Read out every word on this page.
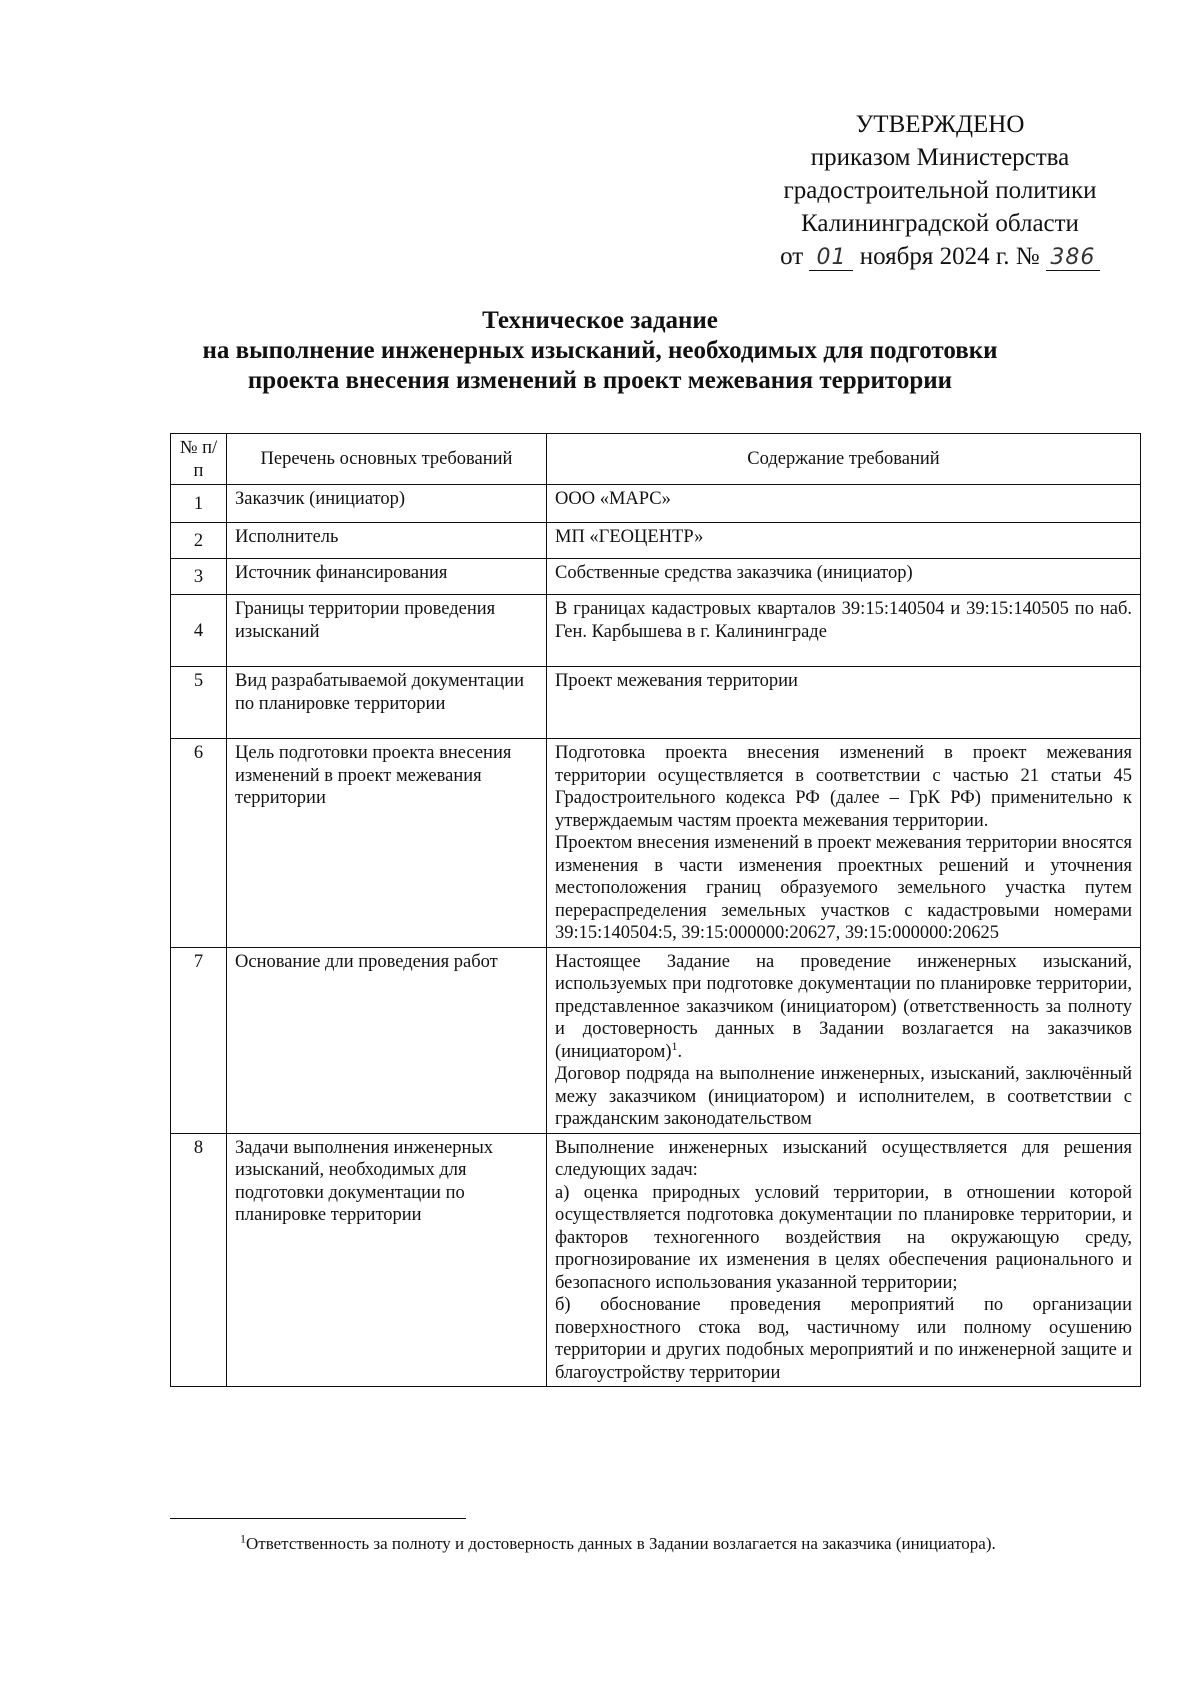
УТВЕРЖДЕНО
приказом Министерства
градостроительной политики
Калининградской области
от 01 ноября 2024 г. № 386
Техническое задание
на выполнение инженерных изысканий, необходимых для подготовки
проекта внесения изменений в проект межевания территории
№ п/п	Перечень основных требований	Содержание требований
1	Заказчик (инициатор)	ООО «МАРС»

2	Исполнитель	МП «ГЕОЦЕНТР»

3	Источник финансирования	Собственные средства заказчика (инициатор)

4	Границы территории проведения изысканий	В границах кадастровых кварталов 39:15:140504 и 39:15:140505 по наб. Ген. Карбышева в г. Калининграде

5	Вид разрабатываемой документации по планировке территории	Проект межевания территории

6	Цель подготовки проекта внесения изменений в проект межевания территории	Подготовка проекта внесения изменений в проект межевания территории осуществляется в соответствии с частью 21 статьи 45 Градостроительного кодекса РФ (далее – ГрК РФ) применительно к утверждаемым частям проекта межевания территории.
Проектом внесения изменений в проект межевания территории вносятся изменения в части изменения проектных решений и уточнения местоположения границ образуемого земельного участка путем перераспределения земельных участков с кадастровыми номерами 39:15:140504:5, 39:15:000000:20627, 39:15:000000:20625

7	Основание дли проведения работ	Настоящее Задание на проведение инженерных изысканий, используемых при подготовке документации по планировке территории, представленное заказчиком (инициатором) (ответственность за полноту и достоверность данных в Задании возлагается на заказчиков (инициатором)$^1$.
Договор подряда на выполнение инженерных, изысканий, заключённый межу заказчиком (инициатором) и исполнителем, в соответствии с гражданским законодательством

8	Задачи выполнения инженерных изысканий, необходимых для подготовки документации по планировке территории	Выполнение инженерных изысканий осуществляется для решения следующих задач:
а) оценка природных условий территории, в отношении которой осуществляется подготовка документации по планировке территории, и факторов техногенного воздействия на окружающую среду, прогнозирование их изменения в целях обеспечения рационального и безопасного использования указанной территории;
б) обоснование проведения мероприятий по организации поверхностного стока вод, частичному или полному осушению территории и других подобных мероприятий и по инженерной защите и благоустройству территории
$^1$Ответственность за полноту и достоверность данных в Задании возлагается на заказчика (инициатора).
